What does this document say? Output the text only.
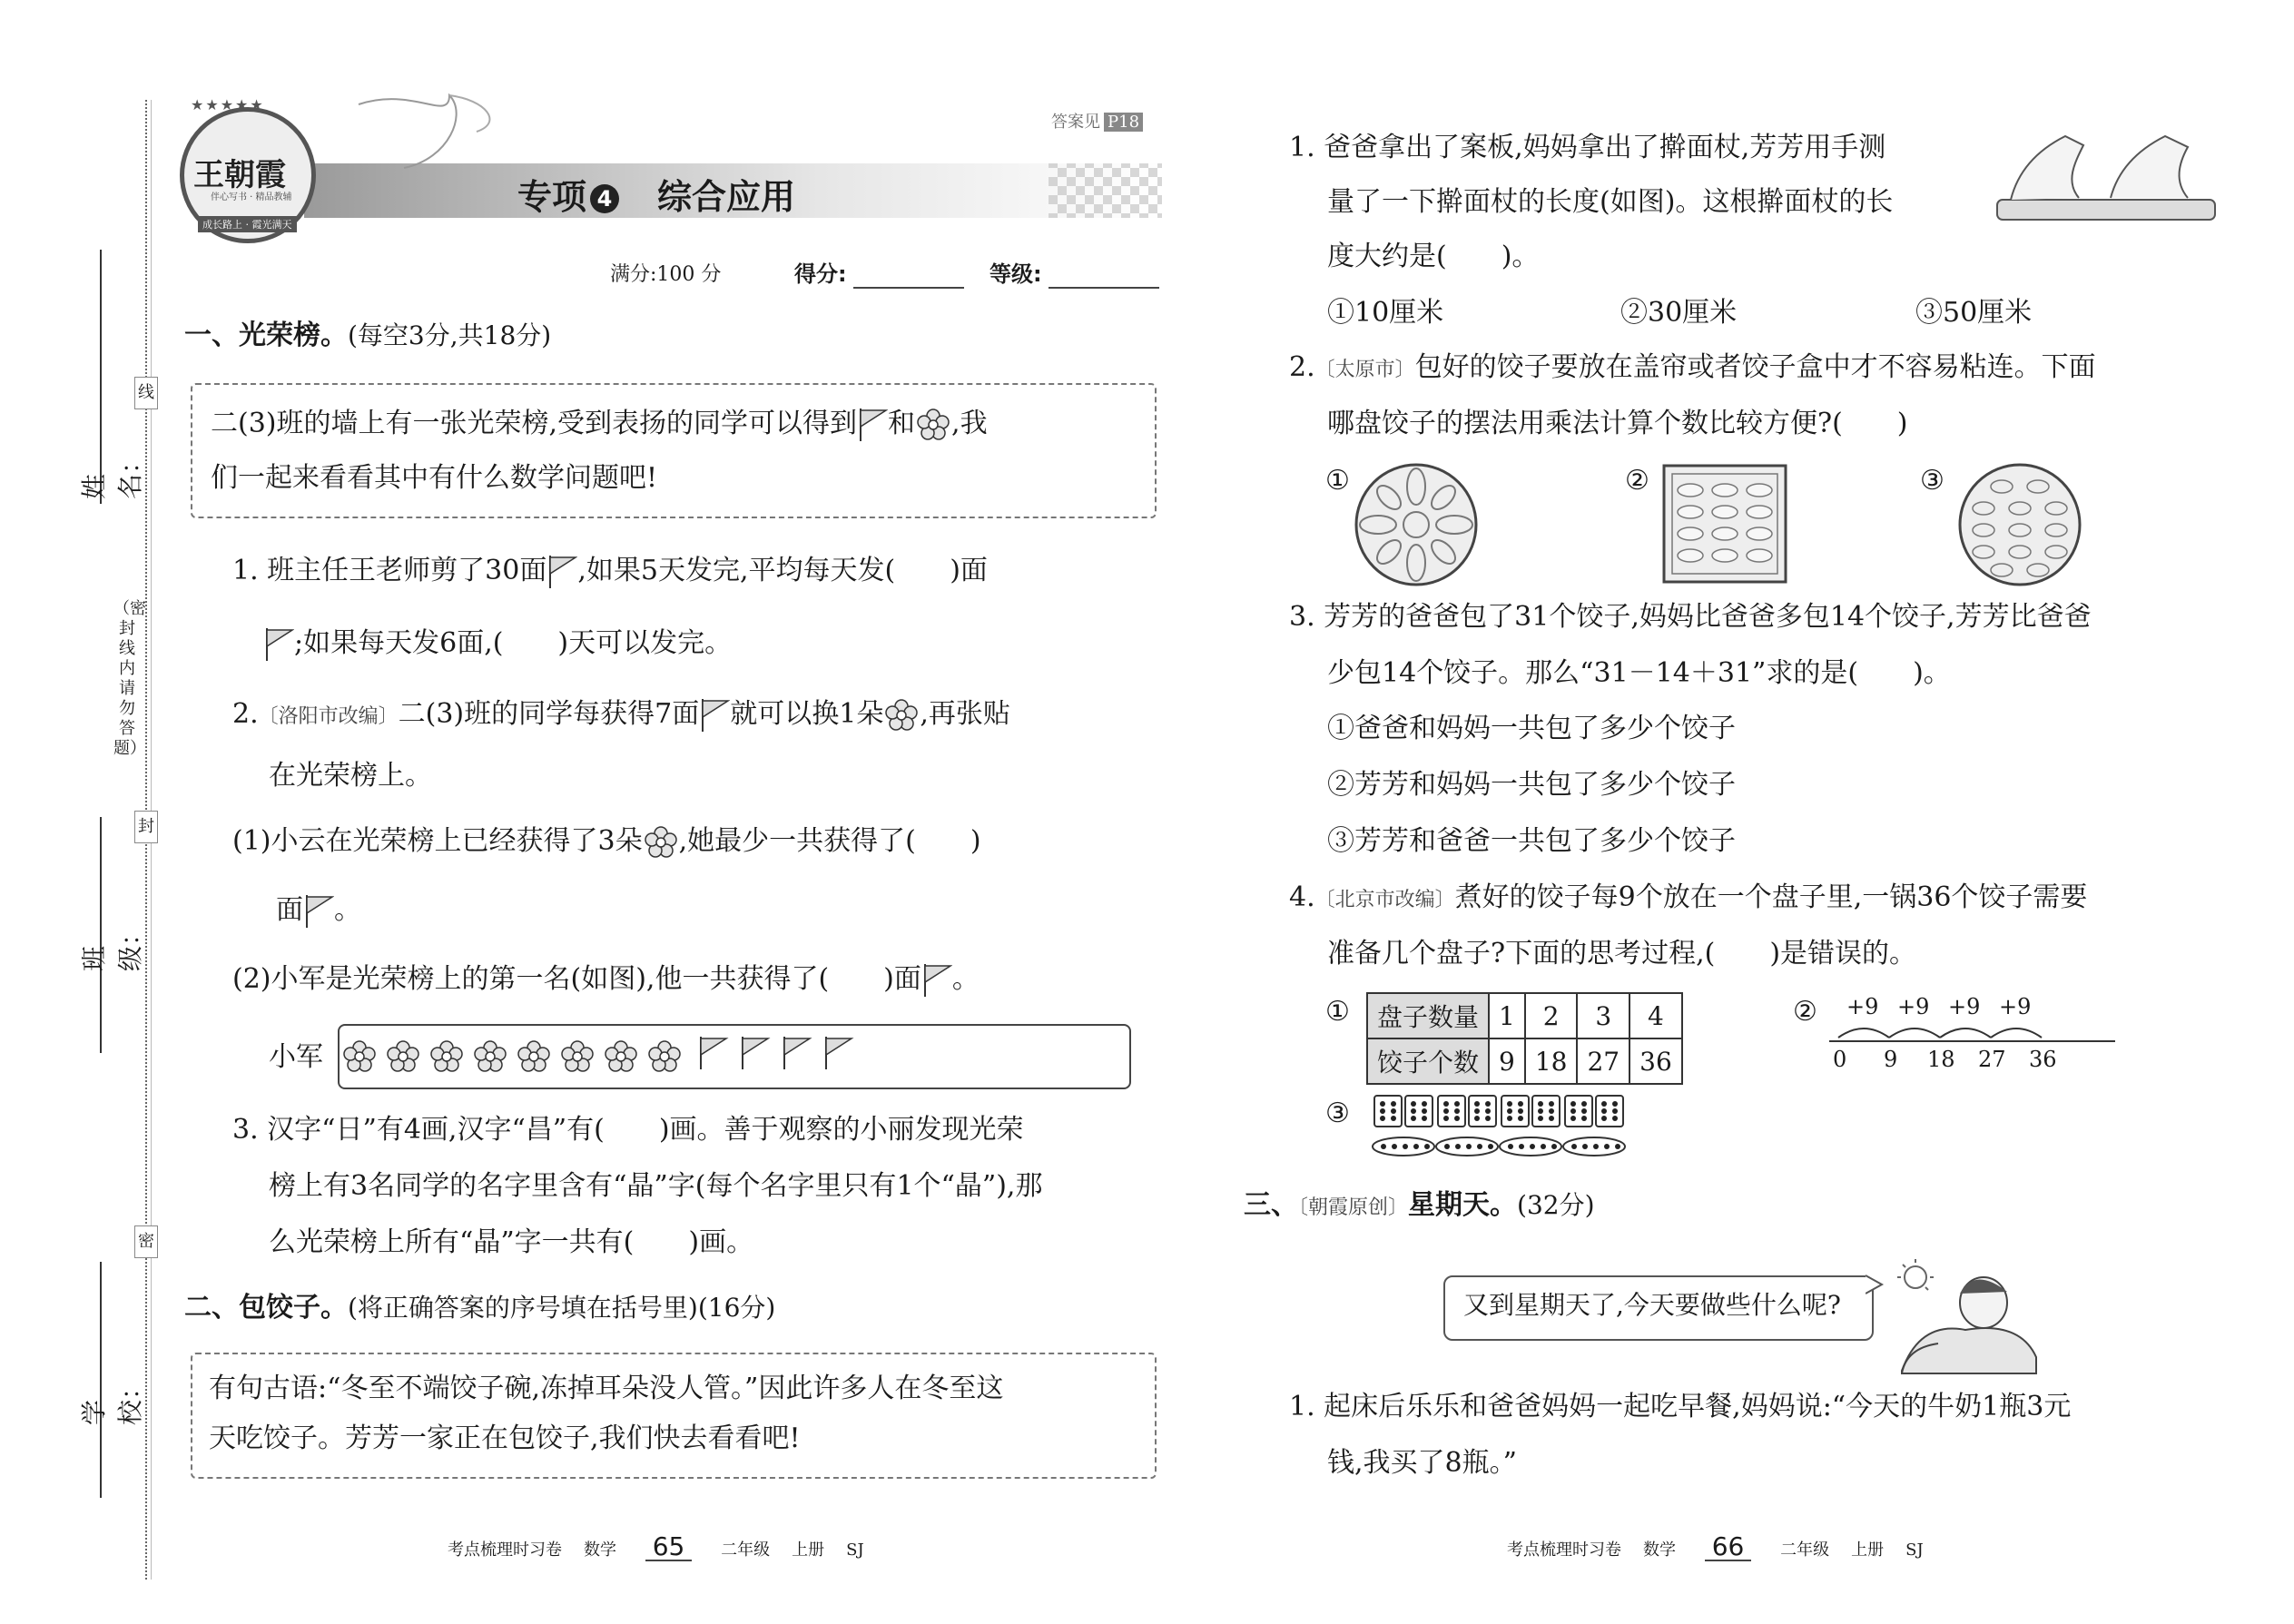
线
封
密
（密封线内请勿答题）
姓名：
班级：
学校：
★★★★★
王朝霞
伴心写书 · 精品教辅
成长路上 · 霞光满天
答案见 P18
专项 4 综合应用
满分:100 分	得分:	等级:
一、光荣榜。(每空3分,共18分)
二(3)班的墙上有一张光荣榜,受到表扬的同学可以得到 和 ,我
们一起来看看其中有什么数学问题吧!
1. 班主任王老师剪了30面 ,如果5天发完,平均每天发(　　)面
;如果每天发6面,(　　)天可以发完。
2.〔洛阳市改编〕二(3)班的同学每获得7面 就可以换1朵 ,再张贴
在光荣榜上。
(1)小云在光荣榜上已经获得了3朵 ,她最少一共获得了(　　)
面 。
(2)小军是光荣榜上的第一名(如图),他一共获得了(　　)面 。
小军
3. 汉字“日”有4画,汉字“昌”有(　　)画。善于观察的小丽发现光荣
榜上有3名同学的名字里含有“晶”字(每个名字里只有1个“晶”),那
么光荣榜上所有“晶”字一共有(　　)画。
二、包饺子。(将正确答案的序号填在括号里)(16分)
有句古语:“冬至不端饺子碗,冻掉耳朵没人管。”因此许多人在冬至这
天吃饺子。芳芳一家正在包饺子,我们快去看看吧!
1. 爸爸拿出了案板,妈妈拿出了擀面杖,芳芳用手测
量了一下擀面杖的长度(如图)。这根擀面杖的长
度大约是(　　)。
①10厘米	②30厘米	③50厘米
2.〔太原市〕包好的饺子要放在盖帘或者饺子盒中才不容易粘连。下面
哪盘饺子的摆法用乘法计算个数比较方便?(　　)
①	②	③
3. 芳芳的爸爸包了31个饺子,妈妈比爸爸多包14个饺子,芳芳比爸爸
少包14个饺子。那么“31－14＋31”求的是(　　)。
①爸爸和妈妈一共包了多少个饺子
②芳芳和妈妈一共包了多少个饺子
③芳芳和爸爸一共包了多少个饺子
4.〔北京市改编〕煮好的饺子每9个放在一个盘子里,一锅36个饺子需要
准备几个盘子?下面的思考过程,(　　)是错误的。
① 盘子数量	1	2	3	4
饺子个数	9	18	27	36
② +9 +9 +9 +9
0 9 18 27 36
③
三、〔朝霞原创〕星期天。(32分)
又到星期天了,今天要做些什么呢?
1. 起床后乐乐和爸爸妈妈一起吃早餐,妈妈说:“今天的牛奶1瓶3元
钱,我买了8瓶。”
考点梳理时习卷 数学 65 二年级 上册 SJ	考点梳理时习卷 数学 66 二年级 上册 SJ
